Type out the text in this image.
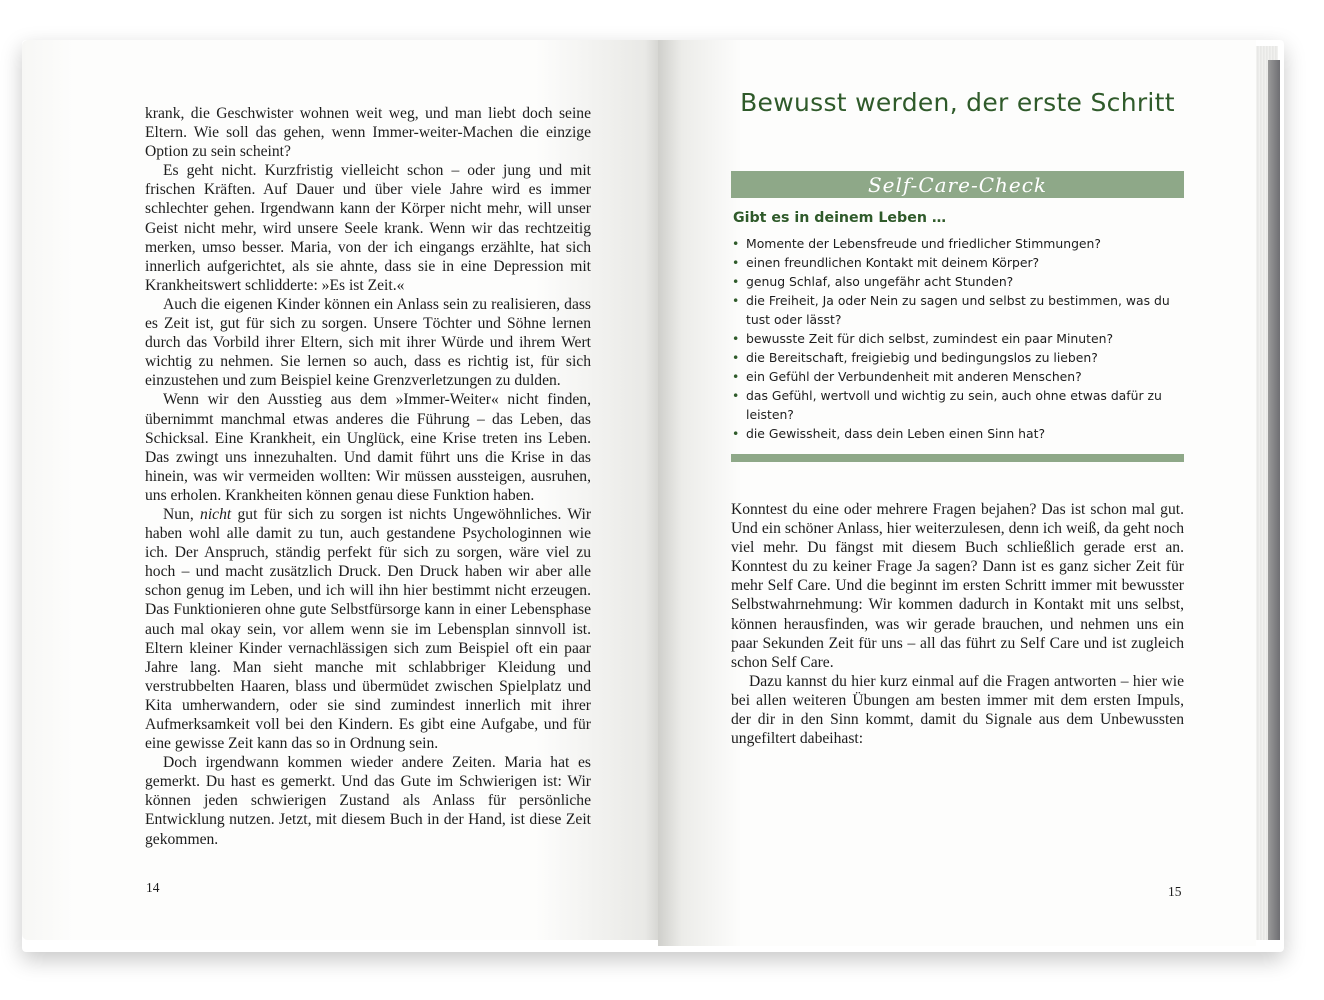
krank, die Geschwister wohnen weit weg, und man liebt doch seine Eltern. Wie soll das gehen, wenn Immer-weiter-Machen die einzige Option zu sein scheint?

Es geht nicht. Kurzfristig vielleicht schon – oder jung und mit frischen Kräften. Auf Dauer und über viele Jahre wird es immer schlechter gehen. Irgendwann kann der Körper nicht mehr, will unser Geist nicht mehr, wird unsere Seele krank. Wenn wir das rechtzeitig merken, umso besser. Maria, von der ich eingangs erzählte, hat sich innerlich aufgerichtet, als sie ahnte, dass sie in eine Depression mit Krankheitswert schlidderte: »Es ist Zeit.«

Auch die eigenen Kinder können ein Anlass sein zu realisieren, dass es Zeit ist, gut für sich zu sorgen. Unsere Töchter und Söhne lernen durch das Vorbild ihrer Eltern, sich mit ihrer Würde und ihrem Wert wichtig zu nehmen. Sie lernen so auch, dass es richtig ist, für sich einzustehen und zum Beispiel keine Grenzverletzungen zu dulden.

Wenn wir den Ausstieg aus dem »Immer-Weiter« nicht finden, übernimmt manchmal etwas anderes die Führung – das Leben, das Schicksal. Eine Krankheit, ein Unglück, eine Krise treten ins Leben. Das zwingt uns innezuhalten. Und damit führt uns die Krise in das hinein, was wir vermeiden wollten: Wir müssen aussteigen, ausruhen, uns erholen. Krankheiten können genau diese Funktion haben.

Nun, nicht gut für sich zu sorgen ist nichts Ungewöhnliches. Wir haben wohl alle damit zu tun, auch gestandene Psychologinnen wie ich. Der Anspruch, ständig perfekt für sich zu sorgen, wäre viel zu hoch – und macht zusätzlich Druck. Den Druck haben wir aber alle schon genug im Leben, und ich will ihn hier bestimmt nicht erzeugen. Das Funktionieren ohne gute Selbstfürsorge kann in einer Lebensphase auch mal okay sein, vor allem wenn sie im Lebensplan sinnvoll ist. Eltern kleiner Kinder vernachlässigen sich zum Beispiel oft ein paar Jahre lang. Man sieht manche mit schlabbriger Kleidung und verstrubbelten Haaren, blass und übermüdet zwischen Spielplatz und Kita umherwandern, oder sie sind zumindest innerlich mit ihrer Aufmerksamkeit voll bei den Kindern. Es gibt eine Aufgabe, und für eine gewisse Zeit kann das so in Ordnung sein.

Doch irgendwann kommen wieder andere Zeiten. Maria hat es gemerkt. Du hast es gemerkt. Und das Gute im Schwierigen ist: Wir können jeden schwierigen Zustand als Anlass für persönliche Entwicklung nutzen. Jetzt, mit diesem Buch in der Hand, ist diese Zeit gekommen.

14
Bewusst werden, der erste Schritt
Self-Care-Check
Gibt es in deinem Leben …
• Momente der Lebensfreude und friedlicher Stimmungen?
• einen freundlichen Kontakt mit deinem Körper?
• genug Schlaf, also ungefähr acht Stunden?
• die Freiheit, Ja oder Nein zu sagen und selbst zu bestimmen, was du tust oder lässt?
• bewusste Zeit für dich selbst, zumindest ein paar Minuten?
• die Bereitschaft, freigiebig und bedingungslos zu lieben?
• ein Gefühl der Verbundenheit mit anderen Menschen?
• das Gefühl, wertvoll und wichtig zu sein, auch ohne etwas dafür zu leisten?
• die Gewissheit, dass dein Leben einen Sinn hat?

Konntest du eine oder mehrere Fragen bejahen? Das ist schon mal gut. Und ein schöner Anlass, hier weiterzulesen, denn ich weiß, da geht noch viel mehr. Du fängst mit diesem Buch schließlich gerade erst an. Konntest du zu keiner Frage Ja sagen? Dann ist es ganz sicher Zeit für mehr Self Care. Und die beginnt im ersten Schritt immer mit bewusster Selbstwahrnehmung: Wir kommen dadurch in Kontakt mit uns selbst, können herausfinden, was wir gerade brauchen, und nehmen uns ein paar Sekunden Zeit für uns – all das führt zu Self Care und ist zugleich schon Self Care.

Dazu kannst du hier kurz einmal auf die Fragen antworten – hier wie bei allen weiteren Übungen am besten immer mit dem ersten Impuls, der dir in den Sinn kommt, damit du Signale aus dem Unbewussten ungefiltert dabeihast:

15
